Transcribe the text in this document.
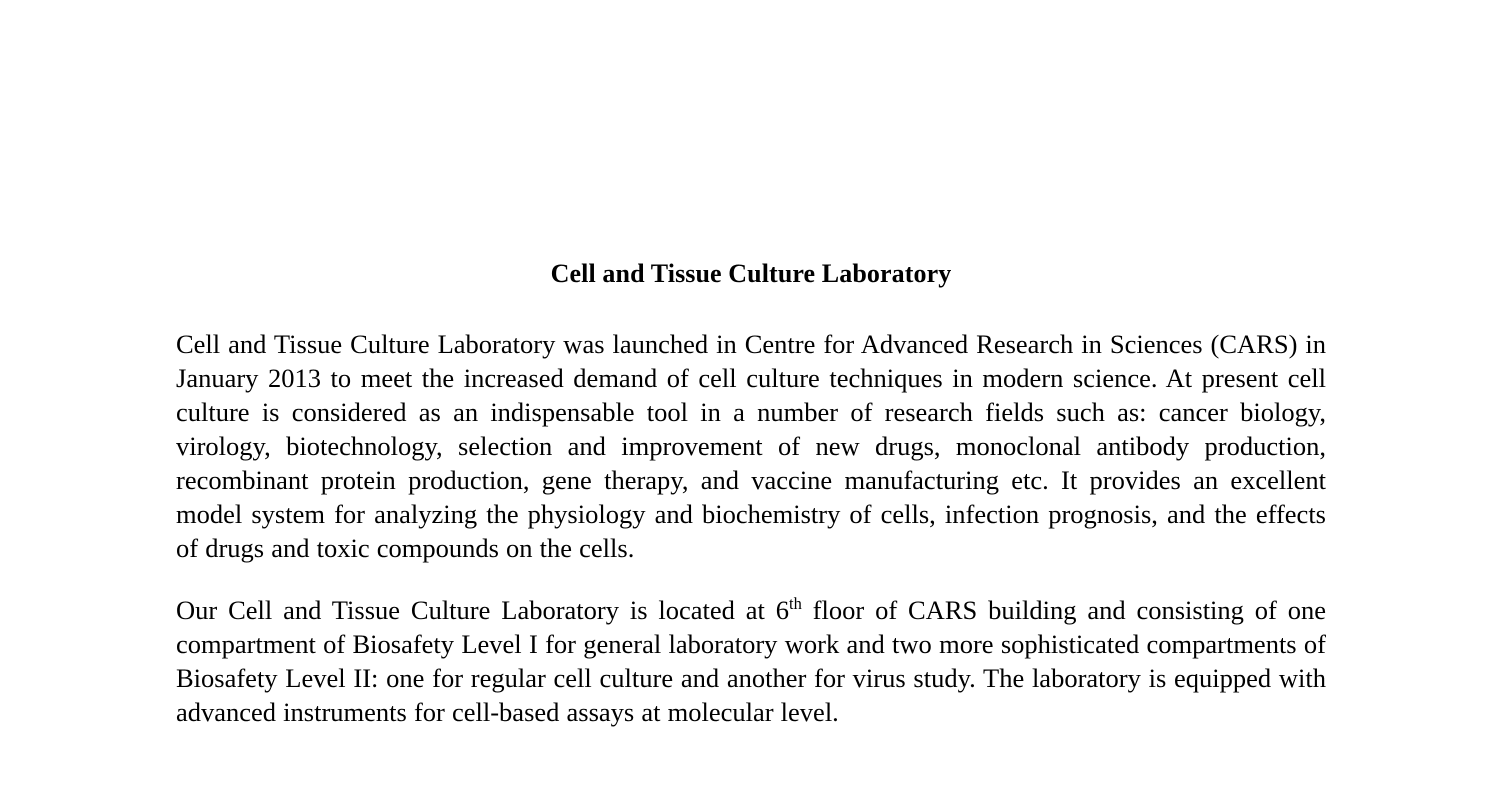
Cell and Tissue Culture Laboratory

Cell and Tissue Culture Laboratory was launched in Centre for Advanced Research in Sciences (CARS) in January 2013 to meet the increased demand of cell culture techniques in modern science. At present cell culture is considered as an indispensable tool in a number of research fields such as: cancer biology, virology, biotechnology, selection and improvement of new drugs, monoclonal antibody production, recombinant protein production, gene therapy, and vaccine manufacturing etc. It provides an excellent model system for analyzing the physiology and biochemistry of cells, infection prognosis, and the effects of drugs and toxic compounds on the cells.

Our Cell and Tissue Culture Laboratory is located at 6th floor of CARS building and consisting of one compartment of Biosafety Level I for general laboratory work and two more sophisticated compartments of Biosafety Level II: one for regular cell culture and another for virus study. The laboratory is equipped with advanced instruments for cell-based assays at molecular level.
